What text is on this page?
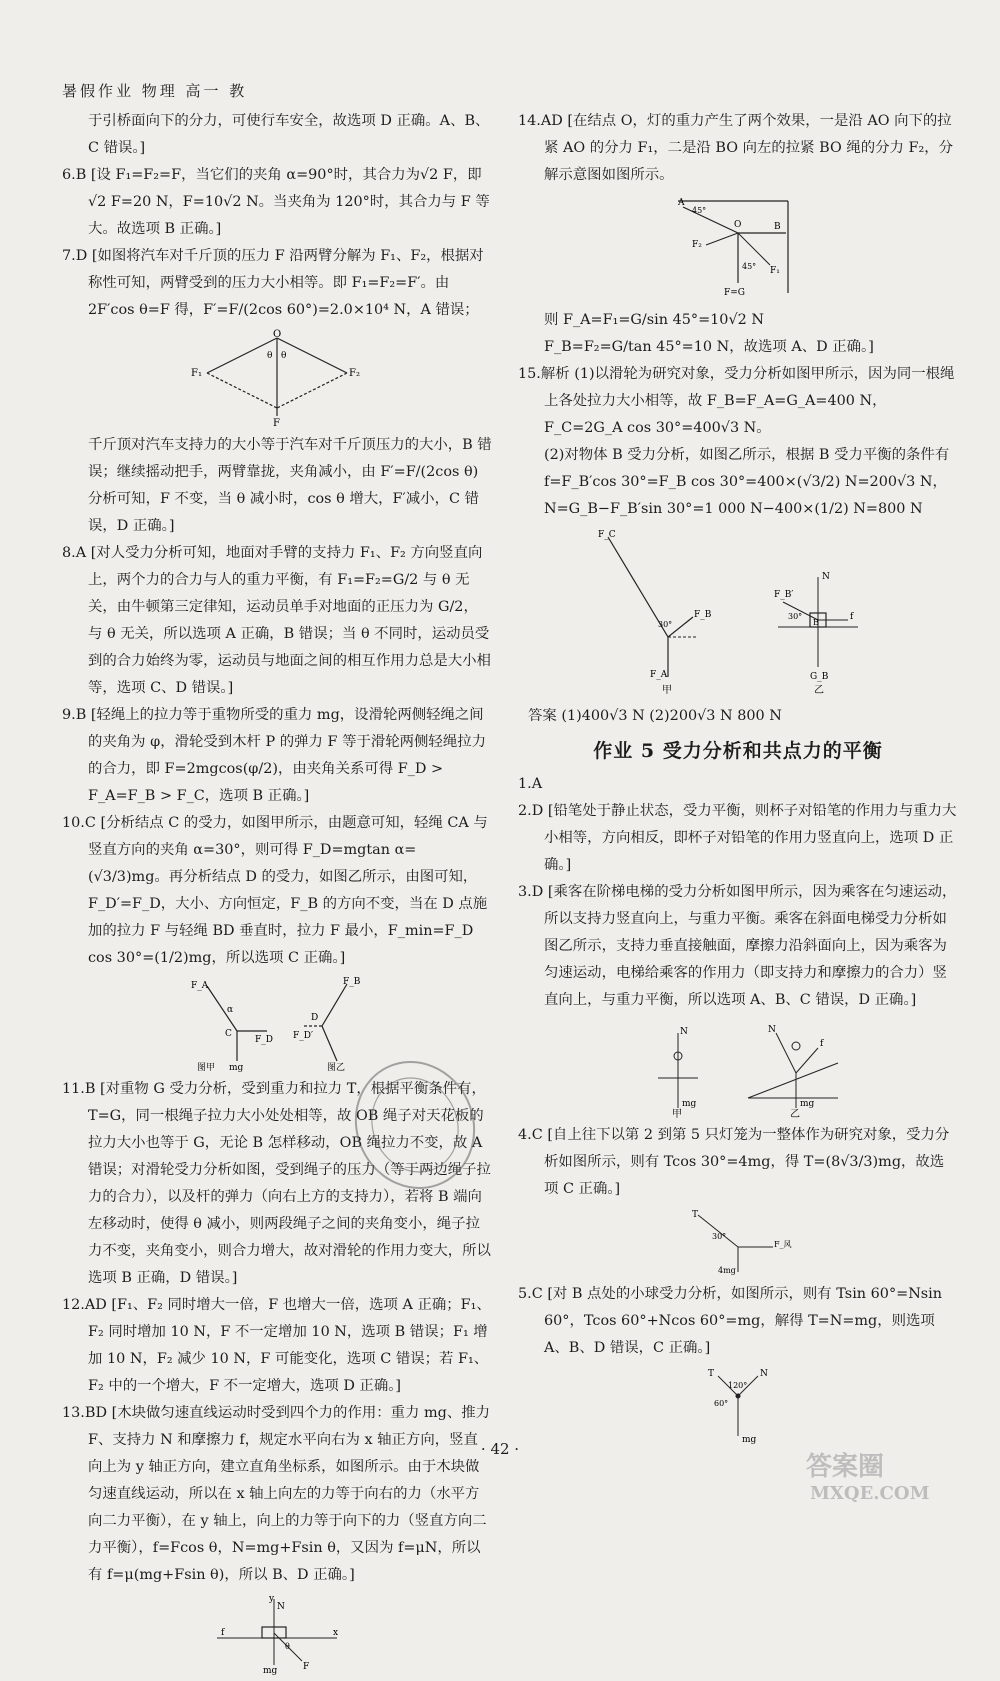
暑假作业 物理 高一 教
于引桥面向下的分力，可使行车安全，故选项 D 正确。A、B、C 错误。]
6.B [设 F₁=F₂=F，当它们的夹角 α=90°时，其合力为√2 F，即√2 F=20 N，F=10√2 N。当夹角为 120°时，其合力与 F 等大。故选项 B 正确。]
7.D [如图将汽车对千斤顶的压力 F 沿两臂分解为 F₁、F₂，根据对称性可知，两臂受到的压力大小相等。即 F₁=F₂=F′。由 2F′cos θ=F 得，F′=F/(2cos 60°)=2.0×10⁴ N，A 错误；
O
θ θ
F₁	F₂
F
千斤顶对汽车支持力的大小等于汽车对千斤顶压力的大小，B 错误；继续摇动把手，两臂靠拢，夹角减小，由 F′=F/(2cos θ) 分析可知，F 不变，当 θ 减小时，cos θ 增大，F′减小，C 错误，D 正确。]
8.A [对人受力分析可知，地面对手臂的支持力 F₁、F₂ 方向竖直向上，两个力的合力与人的重力平衡，有 F₁=F₂=G/2 与 θ 无关，由牛顿第三定律知，运动员单手对地面的正压力为 G/2，与 θ 无关，所以选项 A 正确，B 错误；当 θ 不同时，运动员受到的合力始终为零，运动员与地面之间的相互作用力总是大小相等，选项 C、D 错误。]
9.B [轻绳上的拉力等于重物所受的重力 mg，设滑轮两侧轻绳之间的夹角为 φ，滑轮受到木杆 P 的弹力 F 等于滑轮两侧轻绳拉力的合力，即 F=2mgcos(φ/2)，由夹角关系可得 F_D > F_A=F_B > F_C，选项 B 正确。]
10.C [分析结点 C 的受力，如图甲所示，由题意可知，轻绳 CA 与竖直方向的夹角 α=30°，则可得 F_D=mgtan α=(√3/3)mg。再分析结点 D 的受力，如图乙所示，由图可知，F_D′=F_D，大小、方向恒定，F_B 的方向不变，当在 D 点施加的拉力 F 与轻绳 BD 垂直时，拉力 F 最小，F_min=F_D cos 30°=(1/2)mg，所以选项 C 正确。]
F_A
α
C
F_D
mg
图甲
F_B
D
F_D′
图乙
11.B [对重物 G 受力分析，受到重力和拉力 T，根据平衡条件有，T=G，同一根绳子拉力大小处处相等，故 OB 绳子对天花板的拉力大小也等于 G，无论 B 怎样移动，OB 绳拉力不变，故 A 错误；对滑轮受力分析如图，受到绳子的压力（等于两边绳子拉力的合力），以及杆的弹力（向右上方的支持力），若将 B 端向左移动时，使得 θ 减小，则两段绳子之间的夹角变小，绳子拉力不变，夹角变小，则合力增大，故对滑轮的作用力变大，所以选项 B 正确，D 错误。]
12.AD [F₁、F₂ 同时增大一倍，F 也增大一倍，选项 A 正确；F₁、F₂ 同时增加 10 N，F 不一定增加 10 N，选项 B 错误；F₁ 增加 10 N，F₂ 减少 10 N，F 可能变化，选项 C 错误；若 F₁、F₂ 中的一个增大，F 不一定增大，选项 D 正确。]
13.BD [木块做匀速直线运动时受到四个力的作用：重力 mg、推力 F、支持力 N 和摩擦力 f，规定水平向右为 x 轴正方向，竖直向上为 y 轴正方向，建立直角坐标系，如图所示。由于木块做匀速直线运动，所以在 x 轴上向左的力等于向右的力（水平方向二力平衡），在 y 轴上，向上的力等于向下的力（竖直方向二力平衡），f=Fcos θ，N=mg+Fsin θ，又因为 f=μN，所以有 f=μ(mg+Fsin θ)，所以 B、D 正确。]
y
N
f	x
θ
mg	F
14.AD [在结点 O，灯的重力产生了两个效果，一是沿 AO 向下的拉紧 AO 的分力 F₁，二是沿 BO 向左的拉紧 BO 绳的分力 F₂，分解示意图如图所示。
A
45°
O	B
F₂
45° F₁
F=G
则 F_A=F₁=G/sin 45°=10√2 N
F_B=F₂=G/tan 45°=10 N，故选项 A、D 正确。]
15.解析 (1)以滑轮为研究对象，受力分析如图甲所示，因为同一根绳上各处拉力大小相等，故 F_B=F_A=G_A=400 N，F_C=2G_A cos 30°=400√3 N。
(2)对物体 B 受力分析，如图乙所示，根据 B 受力平衡的条件有 f=F_B′cos 30°=F_B cos 30°=400×(√3/2) N=200√3 N，
N=G_B−F_B′sin 30°=1 000 N−400×(1/2) N=800 N
F_C
30°
F_B
F_A
甲
F_B′
N
30°
B
f
G_B
乙
答案 (1)400√3 N (2)200√3 N 800 N
作业 5 受力分析和共点力的平衡
1.A
2.D [铅笔处于静止状态，受力平衡，则杯子对铅笔的作用力与重力大小相等，方向相反，即杯子对铅笔的作用力竖直向上，选项 D 正确。]
3.D [乘客在阶梯电梯的受力分析如图甲所示，因为乘客在匀速运动，所以支持力竖直向上，与重力平衡。乘客在斜面电梯受力分析如图乙所示，支持力垂直接触面，摩擦力沿斜面向上，因为乘客为匀速运动，电梯给乘客的作用力（即支持力和摩擦力的合力）竖直向上，与重力平衡，所以选项 A、B、C 错误，D 正确。]
N
mg
甲
N
f
mg
乙
4.C [自上往下以第 2 到第 5 只灯笼为一整体作为研究对象，受力分析如图所示，则有 Tcos 30°=4mg，得 T=(8√3/3)mg，故选项 C 正确。]
T
30°
F_风
4mg
5.C [对 B 点处的小球受力分析，如图所示，则有 Tsin 60°=Nsin 60°，Tcos 60°+Ncos 60°=mg，解得 T=N=mg，则选项 A、B、D 错误，C 正确。]
T
120°
N
60°
mg
· 42 ·
答案圈
MXQE.COM
